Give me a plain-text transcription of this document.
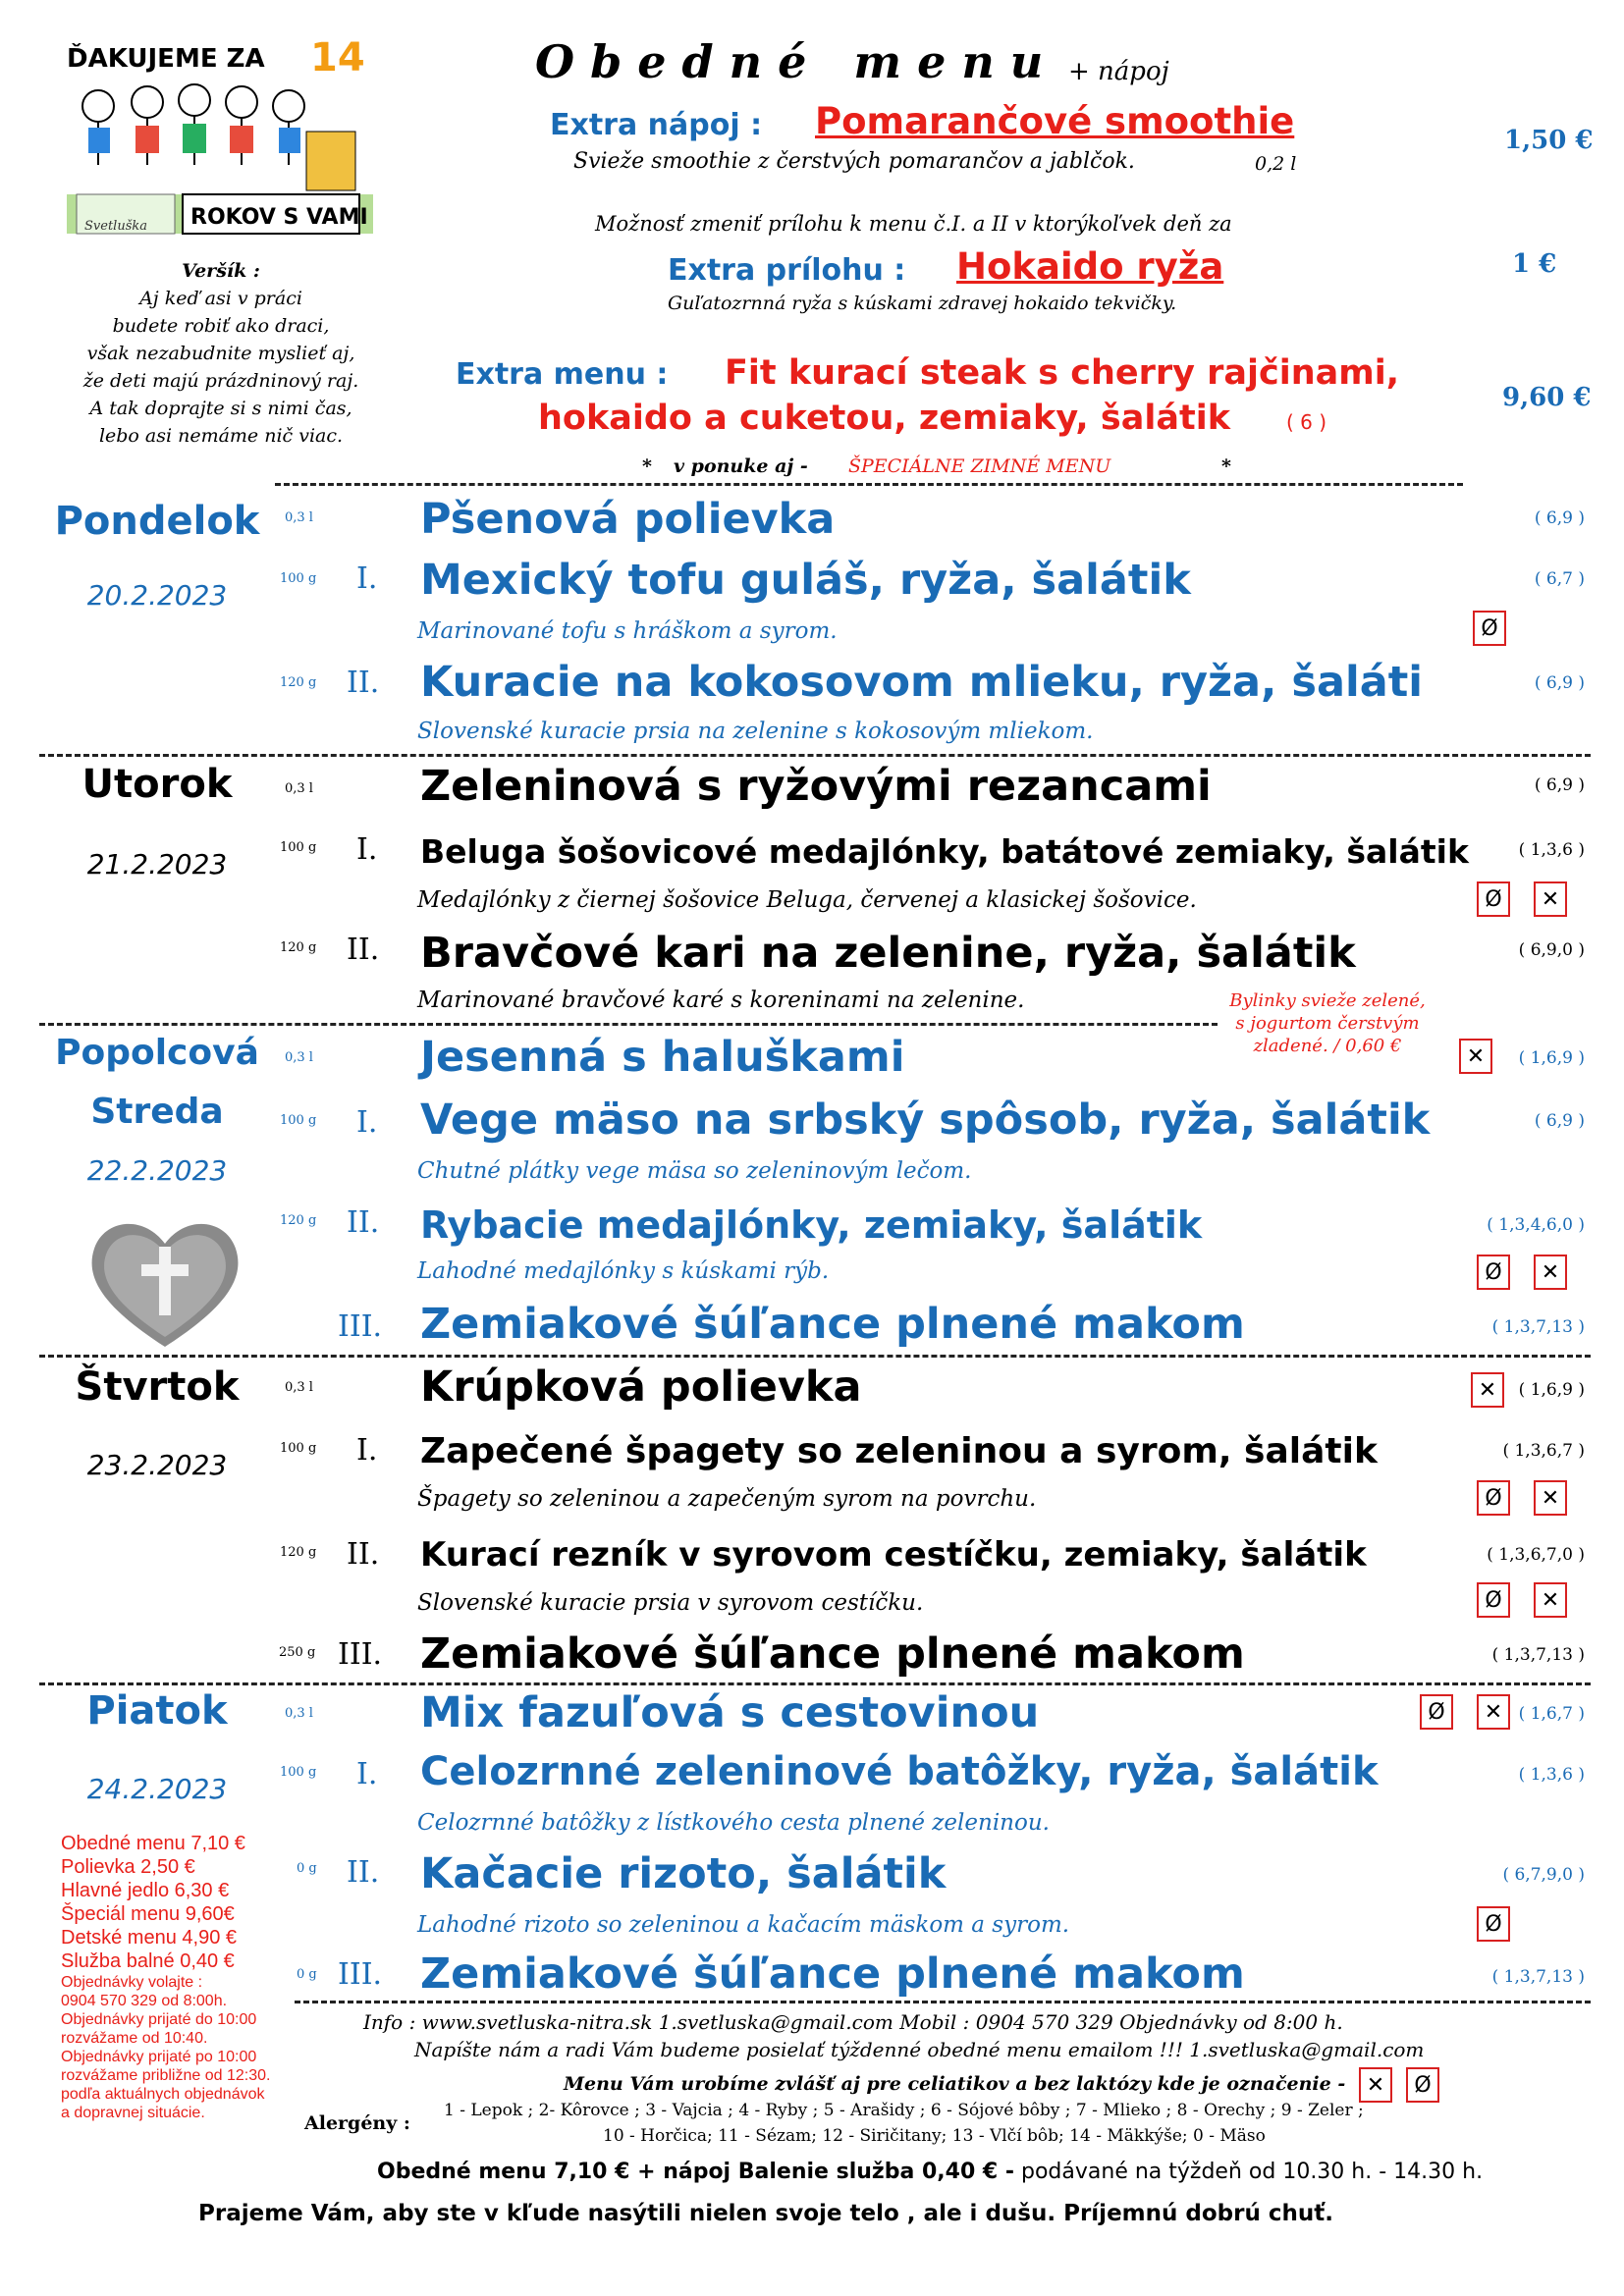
ĎAKUJEME ZA 14
ROKOV S VAMI
Svetluška
Obedné menu + nápoj
Extra nápoj : Pomarančové smoothie
Svieže smoothie z čerstvých pomarančov a jablčok.	0,2 l
1,50 €
Možnosť zmeniť prílohu k menu č.I. a II v ktorýkoľvek deň za
Extra prílohu : Hokaido ryža
Guľatozrnná ryža s kúskami zdravej hokaido tekvičky.
1 €
Extra menu : Fit kurací steak s cherry rajčinami,
hokaido a cuketou, zemiaky, šalátik	( 6 )
9,60 €
* v ponuke aj - ŠPECIÁLNE ZIMNÉ MENU	*
Veršík :
Aj keď asi v práci
budete robiť ako draci,
však nezabudnite myslieť aj,
že deti majú prázdninový raj.
A tak doprajte si s nimi čas,
lebo asi nemáme nič viac.
Pondelok
20.2.2023
0,3 l	Pšenová polievka	( 6,9 )
100 g I. Mexický tofu guláš, ryža, šalátik	( 6,7 )
Marinované tofu s hráškom a syrom.
120 g II. Kuracie na kokosovom mlieku, ryža, šaláti	( 6,9 )
Slovenské kuracie prsia na zelenine s kokosovým mliekom.
Ø
Utorok
21.2.2023
0,3 l	Zeleninová s ryžovými rezancami	( 6,9 )
100 g I. Beluga šošovicové medajlónky, batátové zemiaky, šalátik	( 1,3,6 )
Medajlónky z čiernej šošovice Beluga, červenej a klasickej šošovice.	Ø ✕
120 g II. Bravčové kari na zelenine, ryža, šalátik	( 6,9,0 )
Marinované bravčové karé s koreninami na zelenine.	Bylinky svieže zelené,
s jogurtom čerstvým
zladené. / 0,60 €
Popolcová
Streda
22.2.2023
0,3 l	Jesenná s haluškami	✕ ( 1,6,9 )
100 g I. Vege mäso na srbský spôsob, ryža, šalátik	( 6,9 )
Chutné plátky vege mäsa so zeleninovým lečom.
120 g II. Rybacie medajlónky, zemiaky, šalátik	( 1,3,4,6,0 )
Lahodné medajlónky s kúskami rýb.	Ø ✕
III. Zemiakové šúľance plnené makom	( 1,3,7,13 )
Štvrtok
23.2.2023
0,3 l	Krúpková polievka	✕ ( 1,6,9 )
100 g I. Zapečené špagety so zeleninou a syrom, šalátik	( 1,3,6,7 )
Špagety so zeleninou a zapečeným syrom na povrchu.	Ø ✕
120 g II. Kurací rezník v syrovom cestíčku, zemiaky, šalátik	( 1,3,6,7,0 )
Slovenské kuracie prsia v syrovom cestíčku.	Ø ✕
250 g III. Zemiakové šúľance plnené makom	( 1,3,7,13 )
Piatok
24.2.2023
0,3 l	Mix fazuľová s cestovinou	Ø ✕ ( 1,6,7 )
100 g I. Celozrnné zeleninové batôžky, ryža, šalátik	( 1,3,6 )
Celozrnné batôžky z lístkového cesta plnené zeleninou.
0 g II. Kačacie rizoto, šalátik	( 6,7,9,0 )
Lahodné rizoto so zeleninou a kačacím mäskom a syrom.	Ø
0 g III. Zemiakové šúľance plnené makom	( 1,3,7,13 )
Obedné menu 7,10 €
Polievka 2,50 €
Hlavné jedlo 6,30 €
Špeciál menu 9,60€
Detské menu 4,90 €
Služba balné 0,40 €
Objednávky volajte :
0904 570 329 od 8:00h.
Objednávky prijaté do 10:00
rozvážame od 10:40.
Objednávky prijaté po 10:00
rozvážame približne od 12:30.
podľa aktuálnych objednávok
a dopravnej situácie.
Info : www.svetluska-nitra.sk 1.svetluska@gmail.com Mobil : 0904 570 329 Objednávky od 8:00 h.
Napíšte nám a radi Vám budeme posielať týždenné obedné menu emailom !!! 1.svetluska@gmail.com
Menu Vám urobíme zvlášť aj pre celiatikov a bez laktózy kde je označenie - ✕ Ø
Alergény :
1 - Lepok ; 2- Kôrovce ; 3 - Vajcia ; 4 - Ryby ; 5 - Arašidy ; 6 - Sójové bôby ; 7 - Mlieko ; 8 - Orechy ; 9 - Zeler ;
10 - Horčica; 11 - Sézam; 12 - Siričitany; 13 - Vlčí bôb; 14 - Mäkkýše; 0 - Mäso
Obedné menu 7,10 € + nápoj Balenie služba 0,40 € - podávané na týždeň od 10.30 h. - 14.30 h.
Prajeme Vám, aby ste v kľude nasýtili nielen svoje telo , ale i dušu. Príjemnú dobrú chuť.
